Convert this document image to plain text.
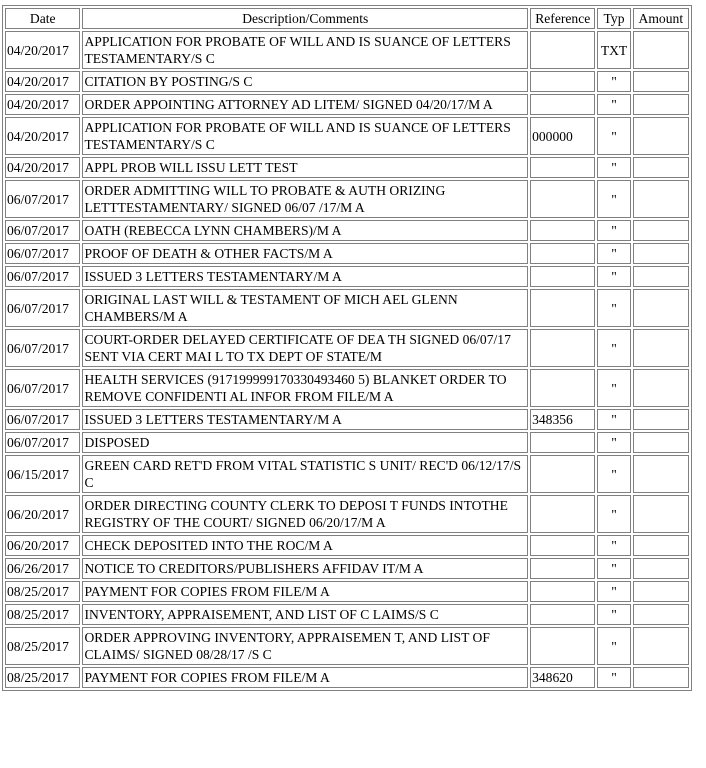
Date	Description/Comments	Reference	Typ	Amount
04/20/2017	APPLICATION FOR PROBATE OF WILL AND IS SUANCE OF LETTERS TESTAMENTARY/S C		TXT	
04/20/2017	CITATION BY POSTING/S C		"	
04/20/2017	ORDER APPOINTING ATTORNEY AD LITEM/ SIGNED 04/20/17/M A		"	
04/20/2017	APPLICATION FOR PROBATE OF WILL AND IS SUANCE OF LETTERS TESTAMENTARY/S C	000000	"	
04/20/2017	APPL PROB WILL ISSU LETT TEST		"	
06/07/2017	ORDER ADMITTING WILL TO PROBATE & AUTH ORIZING LETTTESTAMENTARY/ SIGNED 06/07 /17/M A		"	
06/07/2017	OATH (REBECCA LYNN CHAMBERS)/M A		"	
06/07/2017	PROOF OF DEATH & OTHER FACTS/M A		"	
06/07/2017	ISSUED 3 LETTERS TESTAMENTARY/M A		"	
06/07/2017	ORIGINAL LAST WILL & TESTAMENT OF MICH AEL GLENN CHAMBERS/M A		"	
06/07/2017	COURT-ORDER DELAYED CERTIFICATE OF DEA TH SIGNED 06/07/17 SENT VIA CERT MAI L TO TX DEPT OF STATE/M		"	
06/07/2017	HEALTH SERVICES (917199999170330493460 5) BLANKET ORDER TO REMOVE CONFIDENTI AL INFOR FROM FILE/M A		"	
06/07/2017	ISSUED 3 LETTERS TESTAMENTARY/M A	348356	"	
06/07/2017	DISPOSED		"	
06/15/2017	GREEN CARD RET'D FROM VITAL STATISTIC S UNIT/ REC'D 06/12/17/S C		"	
06/20/2017	ORDER DIRECTING COUNTY CLERK TO DEPOSI T FUNDS INTOTHE REGISTRY OF THE COURT/ SIGNED 06/20/17/M A		"	
06/20/2017	CHECK DEPOSITED INTO THE ROC/M A		"	
06/26/2017	NOTICE TO CREDITORS/PUBLISHERS AFFIDAV IT/M A		"	
08/25/2017	PAYMENT FOR COPIES FROM FILE/M A		"	
08/25/2017	INVENTORY, APPRAISEMENT, AND LIST OF C LAIMS/S C		"	
08/25/2017	ORDER APPROVING INVENTORY, APPRAISEMEN T, AND LIST OF CLAIMS/ SIGNED 08/28/17 /S C		"	
08/25/2017	PAYMENT FOR COPIES FROM FILE/M A	348620	"	
